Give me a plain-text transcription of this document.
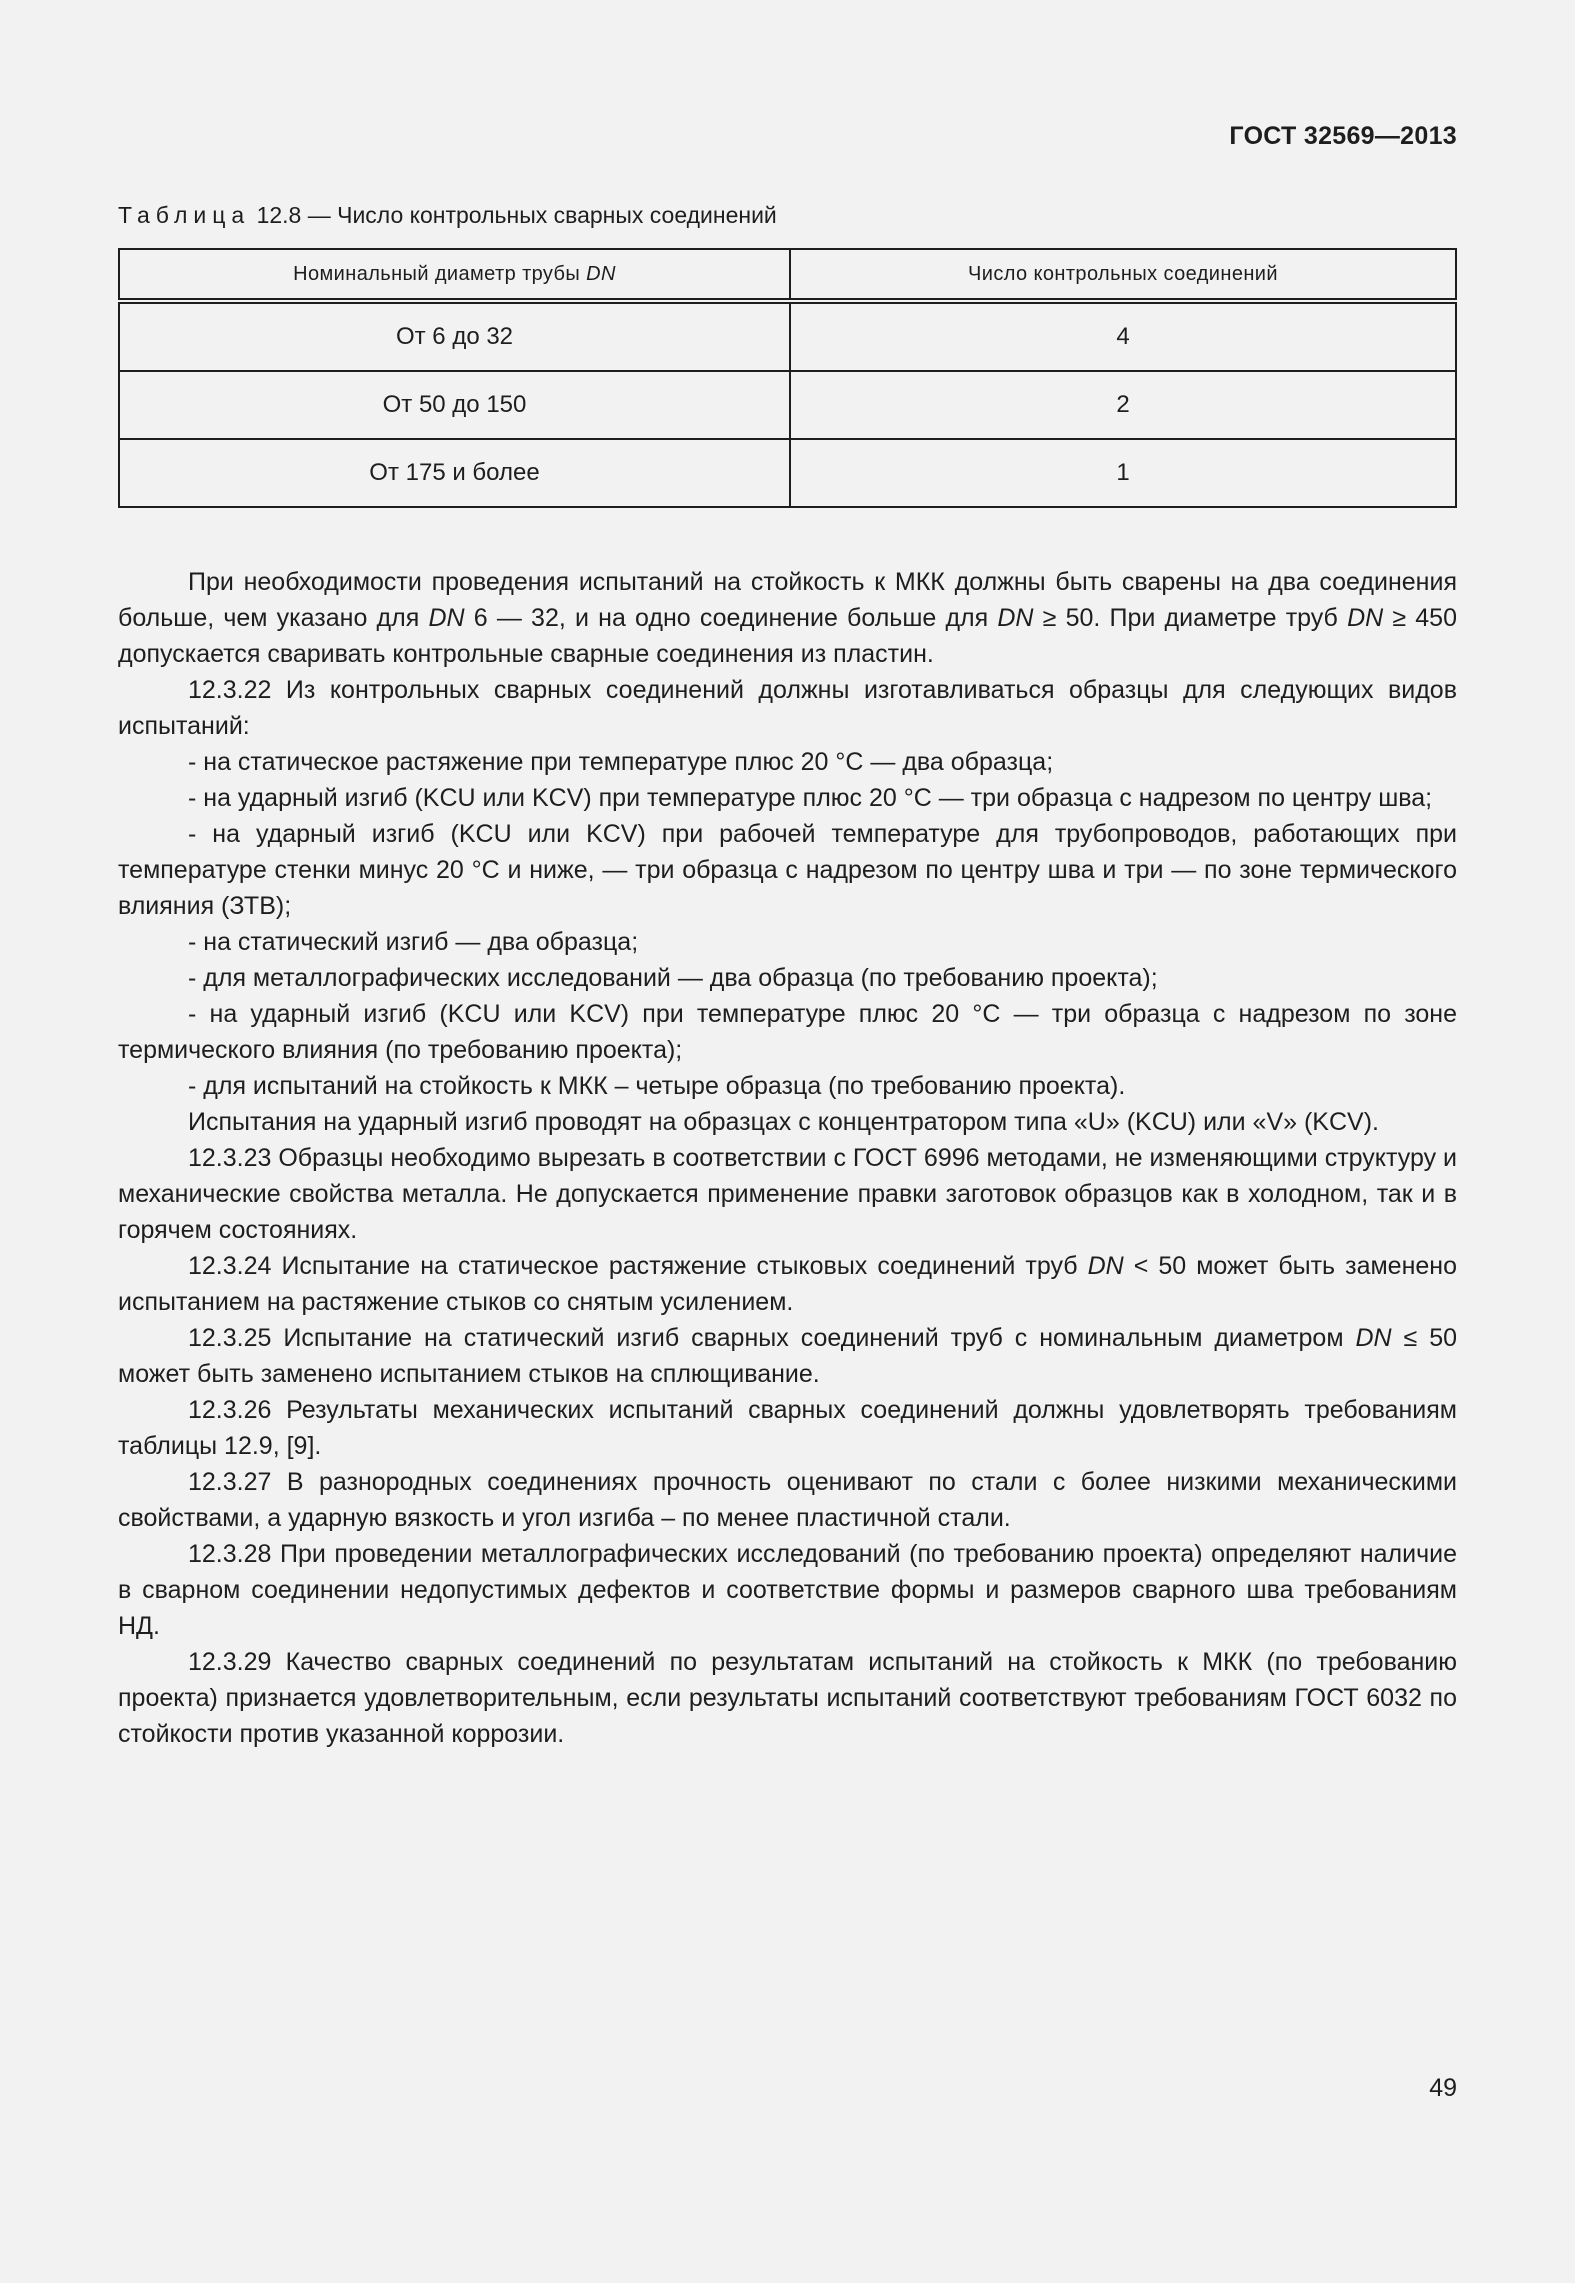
ГОСТ 32569—2013
Таблица 12.8 — Число контрольных сварных соединений
Номинальный диаметр трубы DN	Число контрольных соединений
От 6 до 32	4
От 50 до 150	2
От 175 и более	1

При необходимости проведения испытаний на стойкость к МКК должны быть сварены на два соединения больше, чем указано для DN 6 — 32, и на одно соединение больше для DN ≥ 50. При диаметре труб DN ≥ 450 допускается сваривать контрольные сварные соединения из пластин.

12.3.22 Из контрольных сварных соединений должны изготавливаться образцы для следующих видов испытаний:

- на статическое растяжение при температуре плюс 20 °С — два образца;

- на ударный изгиб (KCU или KCV) при температуре плюс 20 °С — три образца с надрезом по центру шва;

- на ударный изгиб (KCU или KCV) при рабочей температуре для трубопроводов, работающих при температуре стенки минус 20 °С и ниже, — три образца с надрезом по центру шва и три — по зоне термического влияния (ЗТВ);

- на статический изгиб — два образца;

- для металлографических исследований — два образца (по требованию проекта);

- на ударный изгиб (KCU или KCV) при температуре плюс 20 °С — три образца с надрезом по зоне термического влияния (по требованию проекта);

- для испытаний на стойкость к МКК – четыре образца (по требованию проекта).

Испытания на ударный изгиб проводят на образцах с концентратором типа «U» (KCU) или «V» (KCV).

12.3.23 Образцы необходимо вырезать в соответствии с ГОСТ 6996 методами, не изменяющими структуру и механические свойства металла. Не допускается применение правки заготовок образцов как в холодном, так и в горячем состояниях.

12.3.24 Испытание на статическое растяжение стыковых соединений труб DN < 50 может быть заменено испытанием на растяжение стыков со снятым усилением.

12.3.25 Испытание на статический изгиб сварных соединений труб с номинальным диаметром DN ≤ 50 может быть заменено испытанием стыков на сплющивание.

12.3.26 Результаты механических испытаний сварных соединений должны удовлетворять требованиям таблицы 12.9, [9].

12.3.27 В разнородных соединениях прочность оценивают по стали с более низкими механическими свойствами, а ударную вязкость и угол изгиба – по менее пластичной стали.

12.3.28 При проведении металлографических исследований (по требованию проекта) определяют наличие в сварном соединении недопустимых дефектов и соответствие формы и размеров сварного шва требованиям НД.

12.3.29 Качество сварных соединений по результатам испытаний на стойкость к МКК (по требованию проекта) признается удовлетворительным, если результаты испытаний соответствуют требованиям ГОСТ 6032 по стойкости против указанной коррозии.

49
